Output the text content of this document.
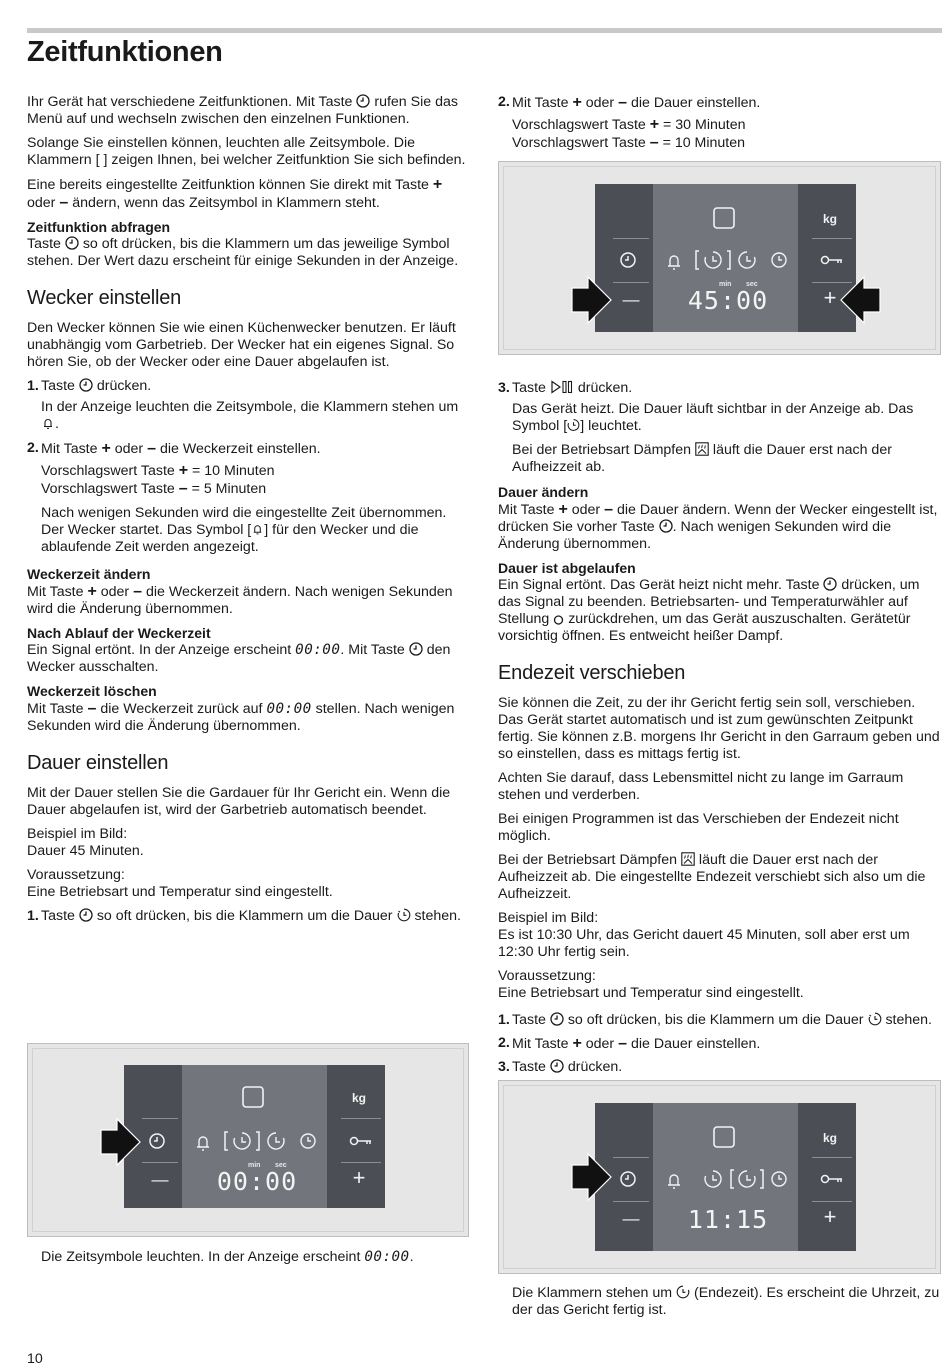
Zeitfunktionen

Ihr Gerät hat verschiedene Zeitfunktionen. Mit Taste rufen Sie das Menü auf und wechseln zwischen den einzelnen Funktionen.

Solange Sie einstellen können, leuchten alle Zeitsymbole. Die Klammern [ ] zeigen Ihnen, bei welcher Zeitfunktion Sie sich befinden.

Eine bereits eingestellte Zeitfunktion können Sie direkt mit Taste + oder – ändern, wenn das Zeitsymbol in Klammern steht.

Zeitfunktion abfragen

Taste so oft drücken, bis die Klammern um das jeweilige Symbol stehen. Der Wert dazu erscheint für einige Sekunden in der Anzeige.

Wecker einstellen

Den Wecker können Sie wie einen Küchenwecker benutzen. Er läuft unabhängig vom Garbetrieb. Der Wecker hat ein eigenes Signal. So hören Sie, ob der Wecker oder eine Dauer abgelaufen ist.

1. Taste drücken.

In der Anzeige leuchten die Zeitsymbole, die Klammern stehen um .

2. Mit Taste + oder – die Weckerzeit einstellen.

Vorschlagswert Taste + = 10 Minuten

Vorschlagswert Taste – = 5 Minuten

Nach wenigen Sekunden wird die eingestellte Zeit übernommen. Der Wecker startet. Das Symbol [ ] für den Wecker und die ablaufende Zeit werden angezeigt.

Weckerzeit ändern

Mit Taste + oder – die Weckerzeit ändern. Nach wenigen Sekunden wird die Änderung übernommen.

Nach Ablauf der Weckerzeit

Ein Signal ertönt. In der Anzeige erscheint 00:00. Mit Taste den Wecker ausschalten.

Weckerzeit löschen

Mit Taste – die Weckerzeit zurück auf 00:00 stellen. Nach wenigen Sekunden wird die Änderung übernommen.

Dauer einstellen

Mit der Dauer stellen Sie die Gardauer für Ihr Gericht ein. Wenn die Dauer abgelaufen ist, wird der Garbetrieb automatisch beendet.

Beispiel im Bild:

Dauer 45 Minuten.

Voraussetzung:

Eine Betriebsart und Temperatur sind eingestellt.

1. Taste so oft drücken, bis die Klammern um die Dauer stehen.
2. Mit Taste + oder – die Dauer einstellen.

Vorschlagswert Taste + = 30 Minuten

Vorschlagswert Taste – = 10 Minuten

3. Taste drücken.

Das Gerät heizt. Die Dauer läuft sichtbar in der Anzeige ab. Das Symbol [ ] leuchtet.

Bei der Betriebsart Dämpfen läuft die Dauer erst nach der Aufheizzeit ab.

Dauer ändern

Mit Taste + oder – die Dauer ändern. Wenn der Wecker eingestellt ist, drücken Sie vorher Taste . Nach wenigen Sekunden wird die Änderung übernommen.

Dauer ist abgelaufen

Ein Signal ertönt. Das Gerät heizt nicht mehr. Taste drücken, um das Signal zu beenden. Betriebsarten- und Temperaturwähler auf Stellung zurückdrehen, um das Gerät auszuschalten. Gerätetür vorsichtig öffnen. Es entweicht heißer Dampf.

Endezeit verschieben

Sie können die Zeit, zu der ihr Gericht fertig sein soll, verschieben. Das Gerät startet automatisch und ist zum gewünschten Zeitpunkt fertig. Sie können z.B. morgens Ihr Gericht in den Garraum geben und so einstellen, dass es mittags fertig ist.

Achten Sie darauf, dass Lebensmittel nicht zu lange im Garraum stehen und verderben.

Bei einigen Programmen ist das Verschieben der Endezeit nicht möglich.

Bei der Betriebsart Dämpfen läuft die Dauer erst nach der Aufheizzeit ab. Die eingestellte Endezeit verschiebt sich also um die Aufheizzeit.

Beispiel im Bild:

Es ist 10:30 Uhr, das Gericht dauert 45 Minuten, soll aber erst um 12:30 Uhr fertig sein.

Voraussetzung:

Eine Betriebsart und Temperatur sind eingestellt.

1. Taste so oft drücken, bis die Klammern um die Dauer stehen.
2. Mit Taste + oder – die Dauer einstellen.
3. Taste drücken.
min sec
00:00
—
kg
+
Die Zeitsymbole leuchten. In der Anzeige erscheint 00:00.
min sec
45:00
—
kg
+
11:15
—
kg
+
Die Klammern stehen um (Endezeit). Es erscheint die Uhrzeit, zu der das Gericht fertig ist.
10
